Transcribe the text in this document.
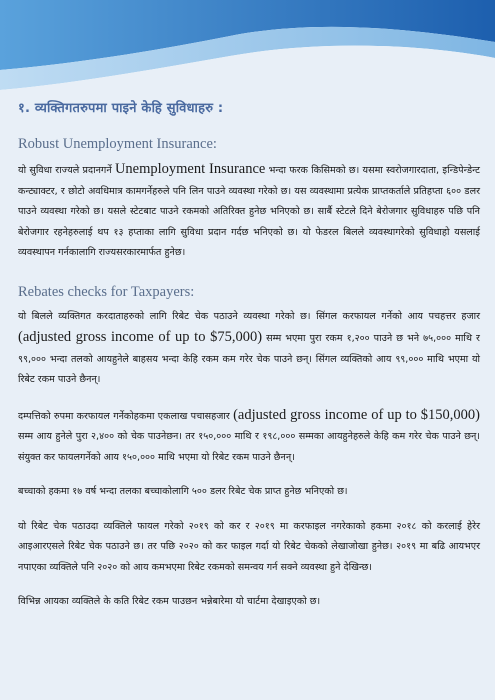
१. व्यक्तिगतरुपमा पाइने केहि सुविधाहरु :
Robust Unemployment Insurance:

यो सुविधा राज्यले प्रदानगर्ने Unemployment Insurance भन्दा फरक किसिमको छ। यसमा स्वरोजगारदाता, इन्डिपेन्डेन्ट कन्ट्याक्टर, र छोटो अवधिमात्र कामगर्नेहरुले पनि लिन पाउने व्यवस्था गरेको छ। यस व्यवस्थामा प्रत्येक प्राप्तकर्ताले प्रतिहप्ता ६०० डलर पाउने व्यवस्था गरेको छ। यसले स्टेटबाट पाउने रकमको अतिरिक्त हुनेछ भनिएको छ। सार्बै स्टेटले दिने बेरोजगार सुविधाहरु पछि पनि बेरोजगार रहनेहरुलाई थप १३ हप्ताका लागि सुविधा प्रदान गर्दछ भनिएको छ। यो फेडरल बिलले व्यवस्थागरेको सुविधाहो यसलाई व्यवस्थापन गर्नकालागि राज्यसरकारमार्फत हुनेछ।

Rebates checks for Taxpayers:

यो बिलले व्यक्तिगत करदाताहरुको लागि रिबेट चेक पठाउने व्यवस्था गरेको छ। सिंगल करफायल गर्नेको आय पचहत्तर हजार (adjusted gross income of up to $75,000) सम्म भएमा पुरा रकम १,२०० पाउने छ भने ७५,००० माथि र ९९,००० भन्दा तलको आयहुनेले बाहसय भन्दा केहि रकम कम गरेर चेक पाउने छन्। सिंगल व्यक्तिको आय ९९,००० माथि भएमा यो रिबेट रकम पाउने छैनन्।

दम्पत्तिको रुपमा करफायल गर्नेकोहकमा एकलाख पचासहजार (adjusted gross income of up to $150,000) सम्म आय हुनेले पुरा २,४०० को चेक पाउनेछन। तर १५०,००० माथि र १९८,००० सम्मका आयहुनेहरुले केहि कम गरेर चेक पाउने छन्। संयुक्त कर फायलगर्नेको आय १५०,००० माथि भएमा यो रिबेट रकम पाउने छैनन्।

बच्चाको हकमा १७ वर्ष भन्दा तलका बच्चाकोलागि ५०० डलर रिबेट चेक प्राप्त हुनेछ भनिएको छ।

यो रिबेट चेक पठाउदा व्यक्तिले फायल गरेको २०१९ को कर र २०१९ मा करफाइल नगरेकाको हकमा २०१८ को करलाई हेरेर आइआरएसले रिबेट चेक पठाउने छ। तर पछि २०२० को कर फाइल गर्दा यो रिबेट चेकको लेखाजोखा हुनेछ। २०१९ मा बढि आयभएर नपाएका व्यक्तिले पनि २०२० को आय कमभएमा रिबेट रकमको समन्वय गर्न सक्ने व्यवस्था हुने देखिन्छ।

विभिन्न आयका व्यक्तिले के कति रिबेट रकम पाउछन भन्नेबारेमा यो चार्टमा देखाइएको छ।
